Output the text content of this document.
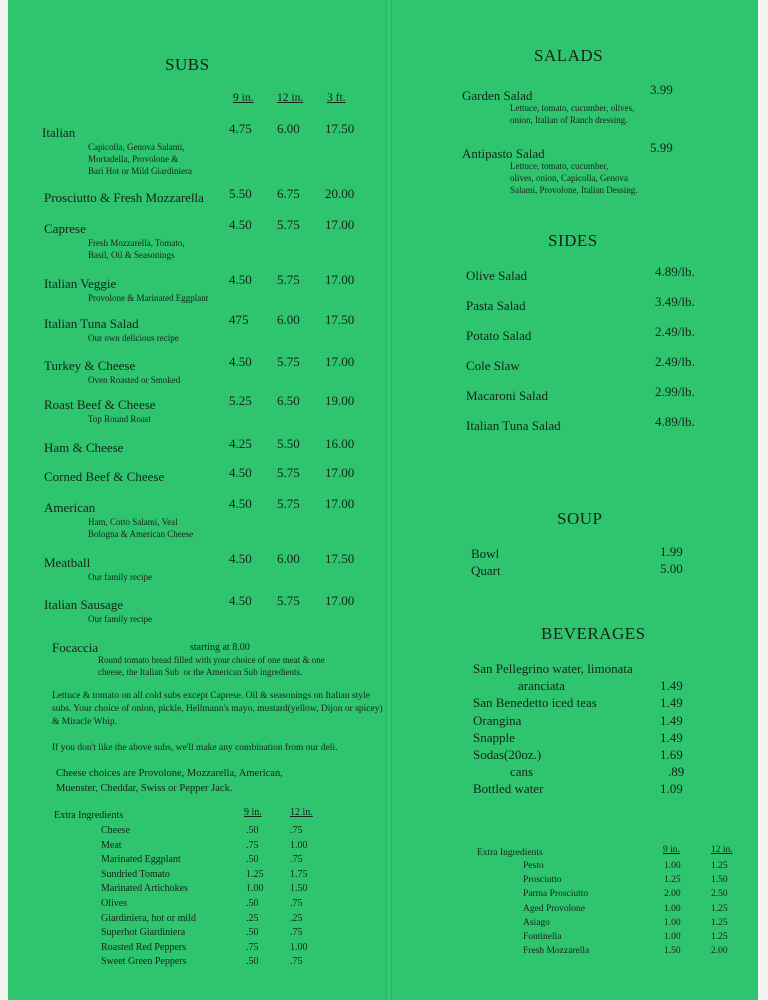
SUBS
9 in. 12 in. 3 ft.
Italian	4.75 6.00 17.50
Capicolla, Genova Salami,
Mortadella, Provolone &
Bari Hot or Mild Giardiniera
Prosciutto & Fresh Mozzarella 5.50 6.75 20.00
Caprese	4.50 5.75 17.00
Fresh Mozzarella, Tomato,
Basil, Oil & Seasonings
Italian Veggie	4.50 5.75 17.00
Provolone & Marinated Eggplant
Italian Tuna Salad	475 6.00 17.50
Our own delicious recipe
Turkey & Cheese	4.50 5.75 17.00
Oven Roasted or Smoked
Roast Beef & Cheese	5.25 6.50 19.00
Top Round Roast
Ham & Cheese	4.25 5.50 16.00
Corned Beef & Cheese	4.50 5.75 17.00
American	4.50 5.75 17.00
Ham, Cotto Salami, Veal
Bologna & American Cheese
Meatball	4.50 6.00 17.50
Our family recipe
Italian Sausage	4.50 5.75 17.00
Our family recipe
Focaccia	starting at 8.00
Round tomato bread filled with your choice of one meat & one
cheese, the Italian Sub  or the American Sub ingredients.
Lettuce & tomato on all cold subs except Caprese. Oil & seasonings on Italian style subs. Your choice of onion, pickle, Hellmann's mayo, mustard(yellow, Dijon or spicey) & Miracle Whip.
If you don't like the above subs, we'll make any combination from our deli.
Cheese choices are Provolone, Mozzarella, American,
Muenster, Cheddar, Swiss or Pepper Jack.
Extra Ingredients	9 in.	12 in.
Cheese	.50	.75
Meat	.75	1.00
Marinated Eggplant	.50	.75
Sundried Tomato	1.25	1.75
Marinated Artichokes	1.00	1.50
Olives	.50	.75
Giardiniera, hot or mild	.25	.25
Superhot Giardiniera	.50	.75
Roasted Red Peppers	.75	1.00
Sweet Green Peppers	.50	.75
SALADS
Garden Salad	3.99
Lettuce, tomato, cucumber, olives,
onion, Italian of Ranch dressing.
Antipasto Salad	5.99
Lettuce, tomato, cucumber,
olives, onion, Capicolla, Genova
Salami, Provolone, Italian Dessing.
SIDES
Olive Salad	4.89/lb.
Pasta Salad	3.49/lb.
Potato Salad	2.49/lb.
Cole Slaw	2.49/lb.
Macaroni Salad	2.99/lb.
Italian Tuna Salad	4.89/lb.
SOUP
Bowl	1.99
Quart	5.00
BEVERAGES
San Pellegrino water, limonata
aranciata	1.49
San Benedetto iced teas	1.49
Orangina	1.49
Snapple	1.49
Sodas(20oz.)	1.69
cans	.89
Bottled water	1.09
Extra Ingredients	9 in.	12 in.
Pesto	1.00	1.25
Prosciutto	1.25	1.50
Parma Prosciutto	2.00	2.50
Aged Provolone	1.00	1.25
Asiago	1.00	1.25
Fontinella	1.00	1.25
Fresh Mozzarella	1.50	2.00
